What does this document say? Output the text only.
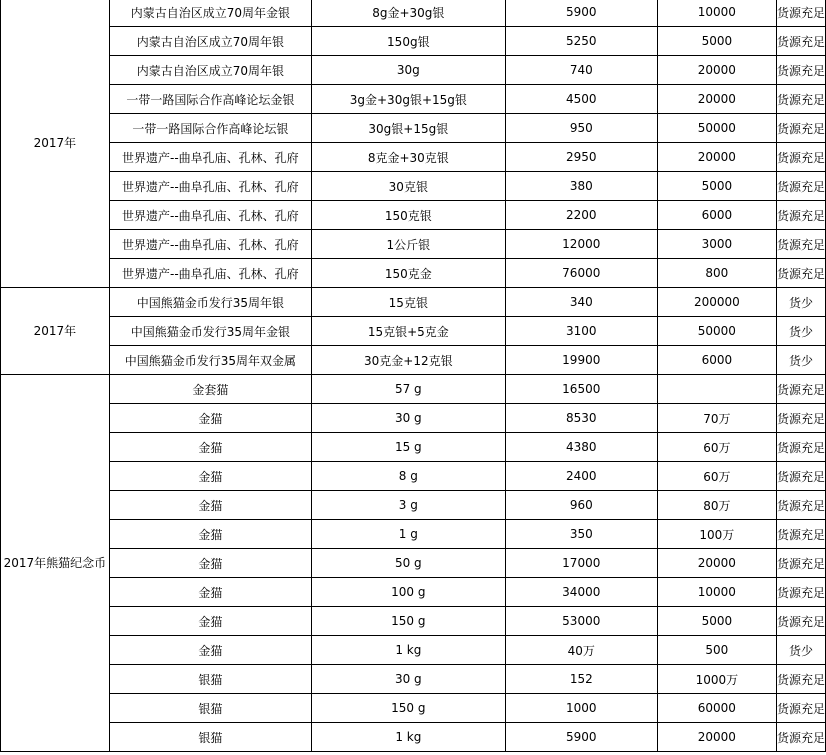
2017年	内蒙古自治区成立70周年金银	8g金+30g银	5900	10000	货源充足	
	内蒙古自治区成立70周年银	150g银	5250	5000	货源充足	
	内蒙古自治区成立70周年银	30g	740	20000	货源充足	
	一带一路国际合作高峰论坛金银	3g金+30g银+15g银	4500	20000	货源充足	
	一带一路国际合作高峰论坛银	30g银+15g银	950	50000	货源充足	
	世界遗产--曲阜孔庙、孔林、孔府	8克金+30克银	2950	20000	货源充足	
	世界遗产--曲阜孔庙、孔林、孔府	30克银	380	5000	货源充足	
	世界遗产--曲阜孔庙、孔林、孔府	150克银	2200	6000	货源充足	
	世界遗产--曲阜孔庙、孔林、孔府	1公斤银	12000	3000	货源充足	
	世界遗产--曲阜孔庙、孔林、孔府	150克金	76000	800	货源充足	
2017年	中国熊猫金币发行35周年银	15克银	340	200000	货少	
	中国熊猫金币发行35周年金银	15克银+5克金	3100	50000	货少	
	中国熊猫金币发行35周年双金属	30克金+12克银	19900	6000	货少	
2017年熊猫纪念币	金套猫	57 g	16500		货源充足	
	金猫	30 g	8530	70万	货源充足	
	金猫	15 g	4380	60万	货源充足	
	金猫	8 g	2400	60万	货源充足	
	金猫	3 g	960	80万	货源充足	
	金猫	1 g	350	100万	货源充足	
	金猫	50 g	17000	20000	货源充足	
	金猫	100 g	34000	10000	货源充足	
	金猫	150 g	53000	5000	货源充足	
	金猫	1 kg	40万	500	货少	
	银猫	30 g	152	1000万	货源充足	
	银猫	150 g	1000	60000	货源充足	
	银猫	1 kg	5900	20000	货源充足	
